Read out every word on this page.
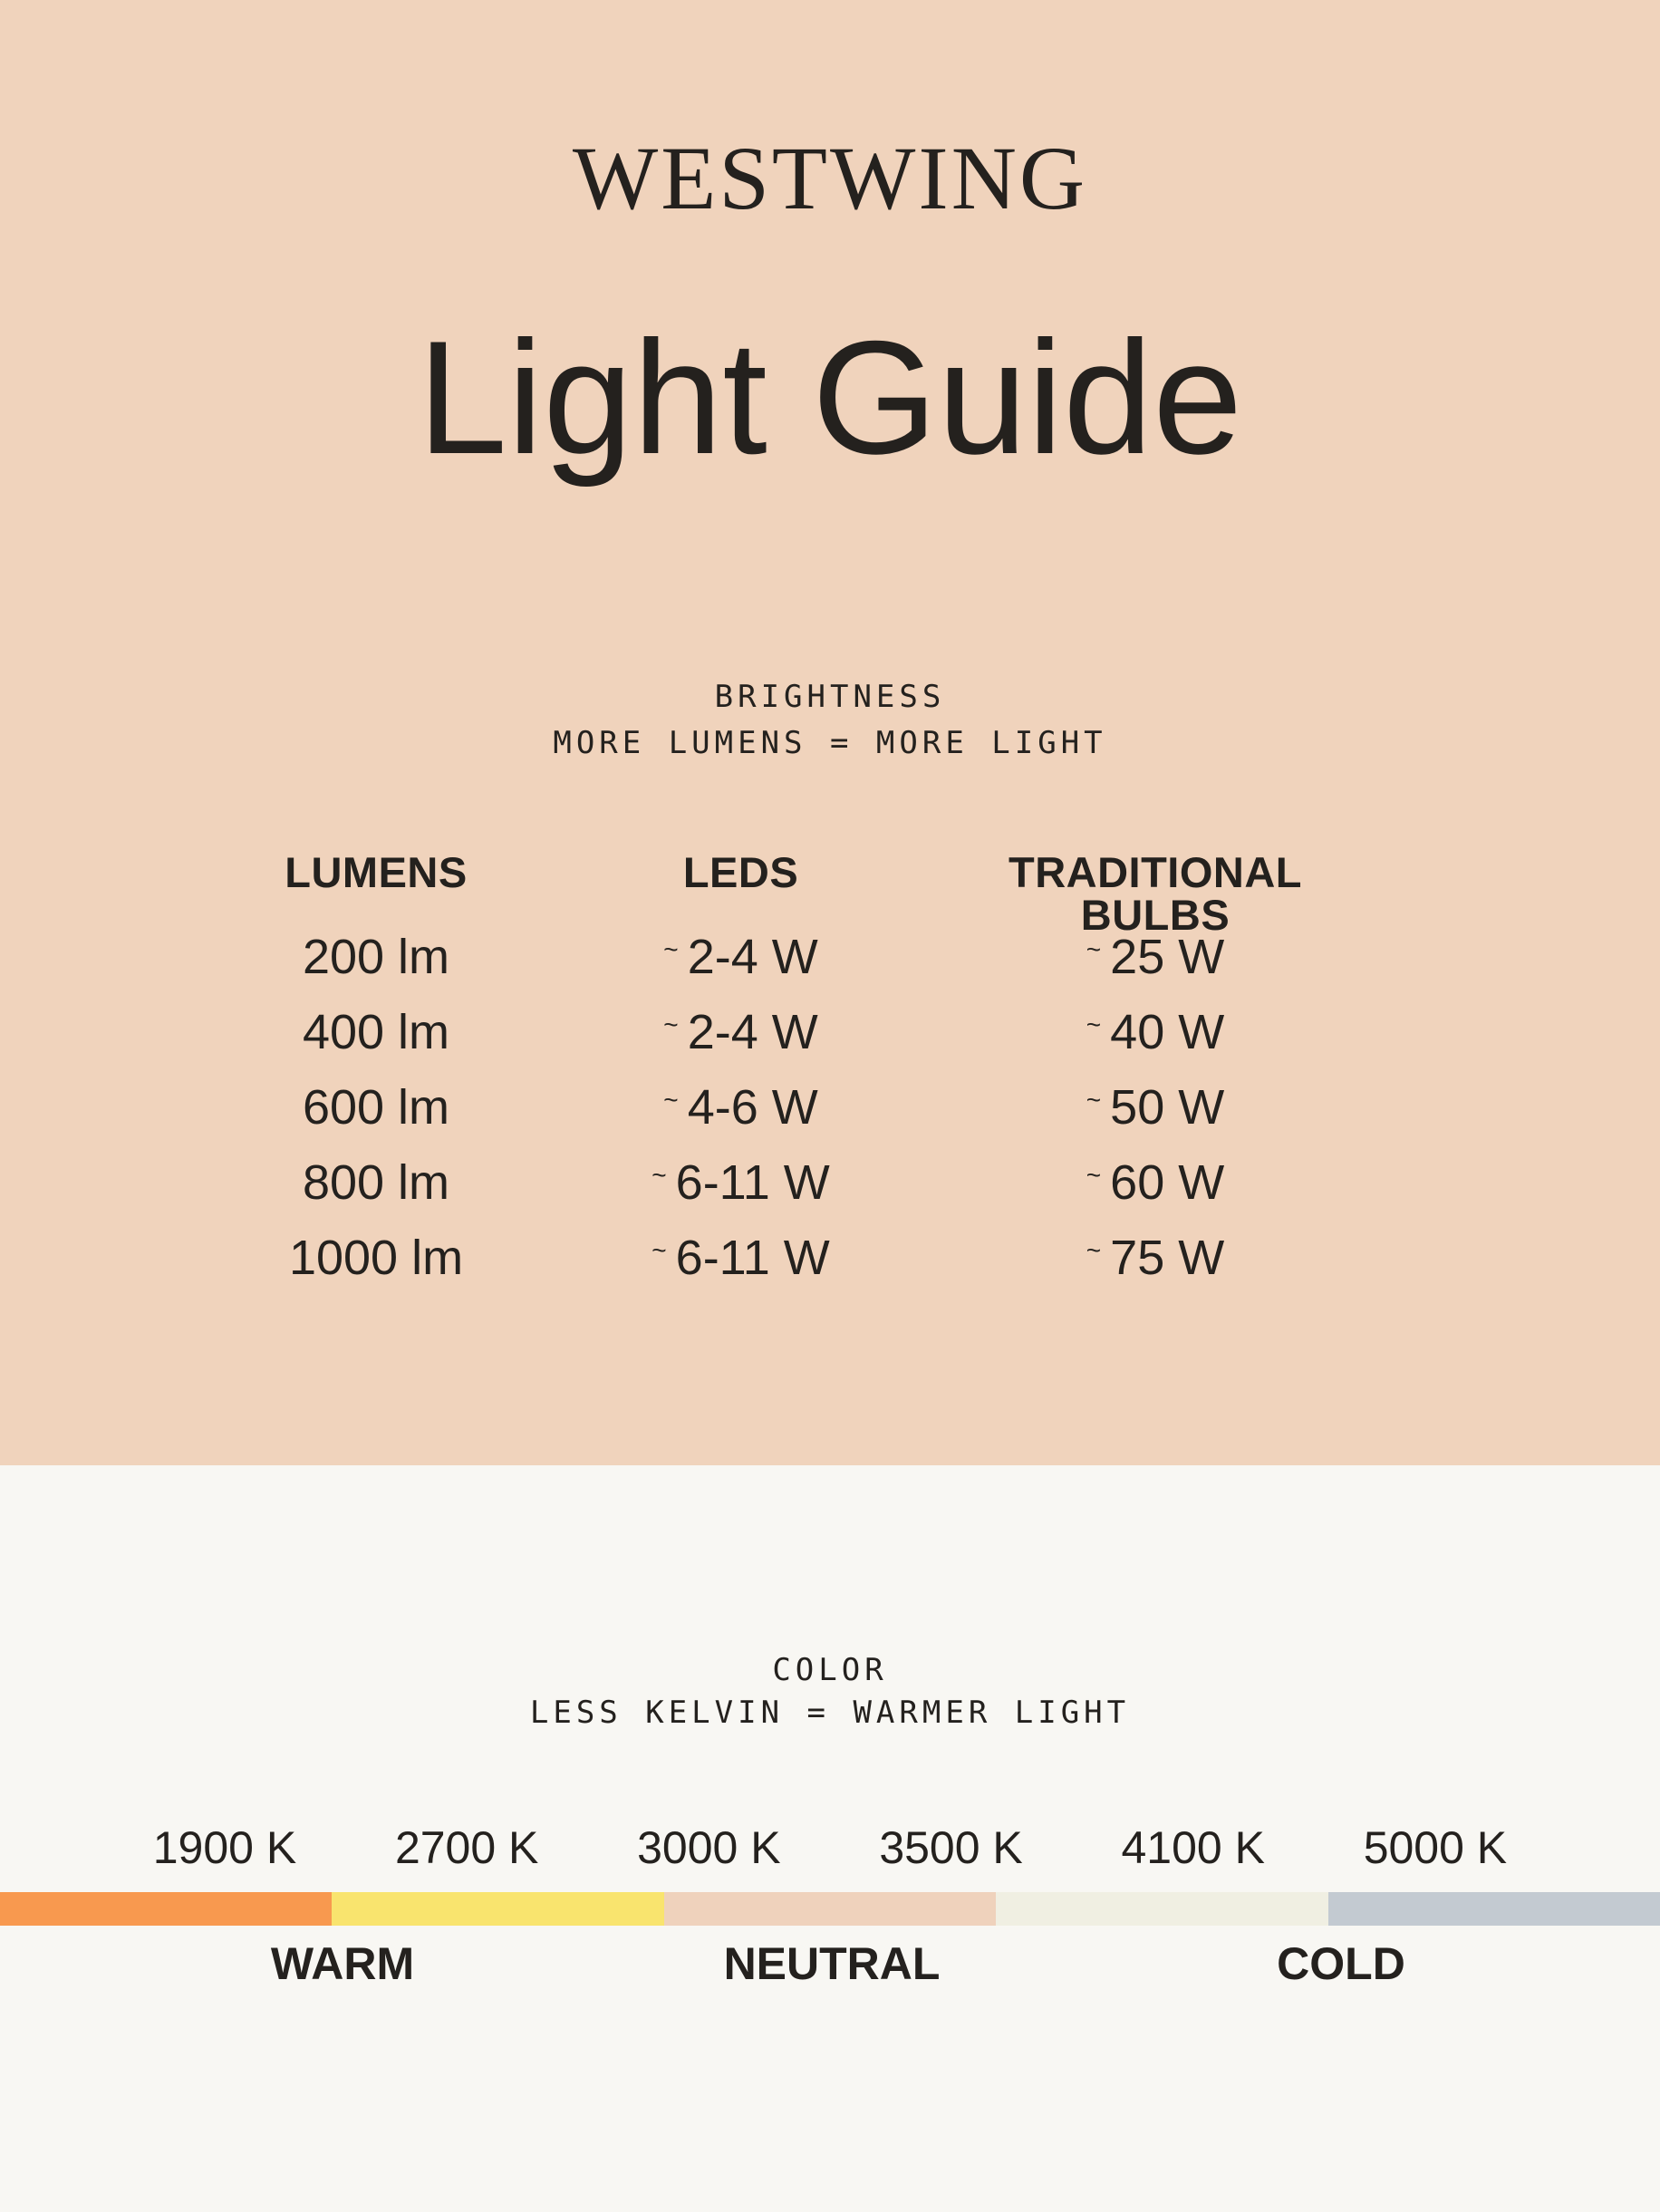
WESTWING
Light Guide
BRIGHTNESS
MORE LUMENS = MORE LIGHT
LUMENS	LEDS	TRADITIONAL BULBS
200 lm	~ 2-4 W	~ 25 W
400 lm	~ 2-4 W	~ 40 W
600 lm	~ 4-6 W	~ 50 W
800 lm	~ 6-11 W	~ 60 W
1000 lm	~ 6-11 W	~ 75 W
COLOR
LESS KELVIN = WARMER LIGHT
1900 K 2700 K 3000 K 3500 K 4100 K 5000 K
WARM	NEUTRAL	COLD
